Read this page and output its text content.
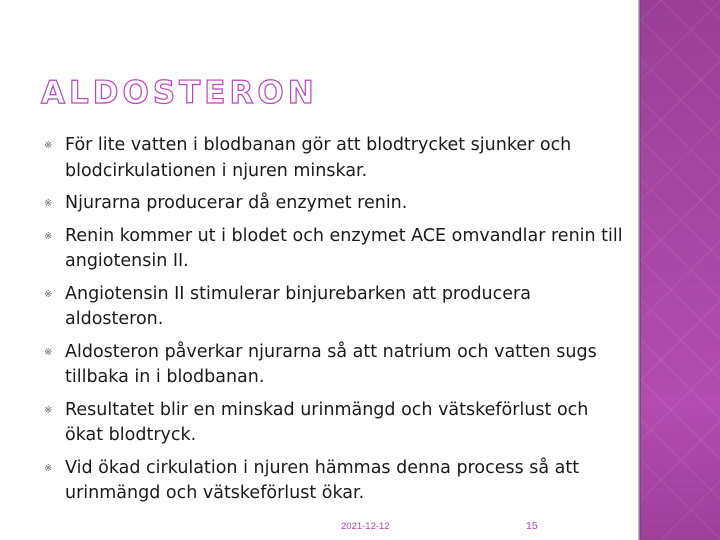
ALDOSTERON
※ För lite vatten i blodbanan gör att blodtrycket sjunker och blodcirkulationen i njuren minskar.
※ Njurarna producerar då enzymet renin.
※ Renin kommer ut i blodet och enzymet ACE omvandlar renin till angiotensin II.
※ Angiotensin II stimulerar binjurebarken att producera aldosteron.
※ Aldosteron påverkar njurarna så att natrium och vatten sugs tillbaka in i blodbanan.
※ Resultatet blir en minskad urinmängd och vätskeförlust och ökat blodtryck.
※ Vid ökad cirkulation i njuren hämmas denna process så att urinmängd och vätskeförlust ökar.
2021-12-12	15
